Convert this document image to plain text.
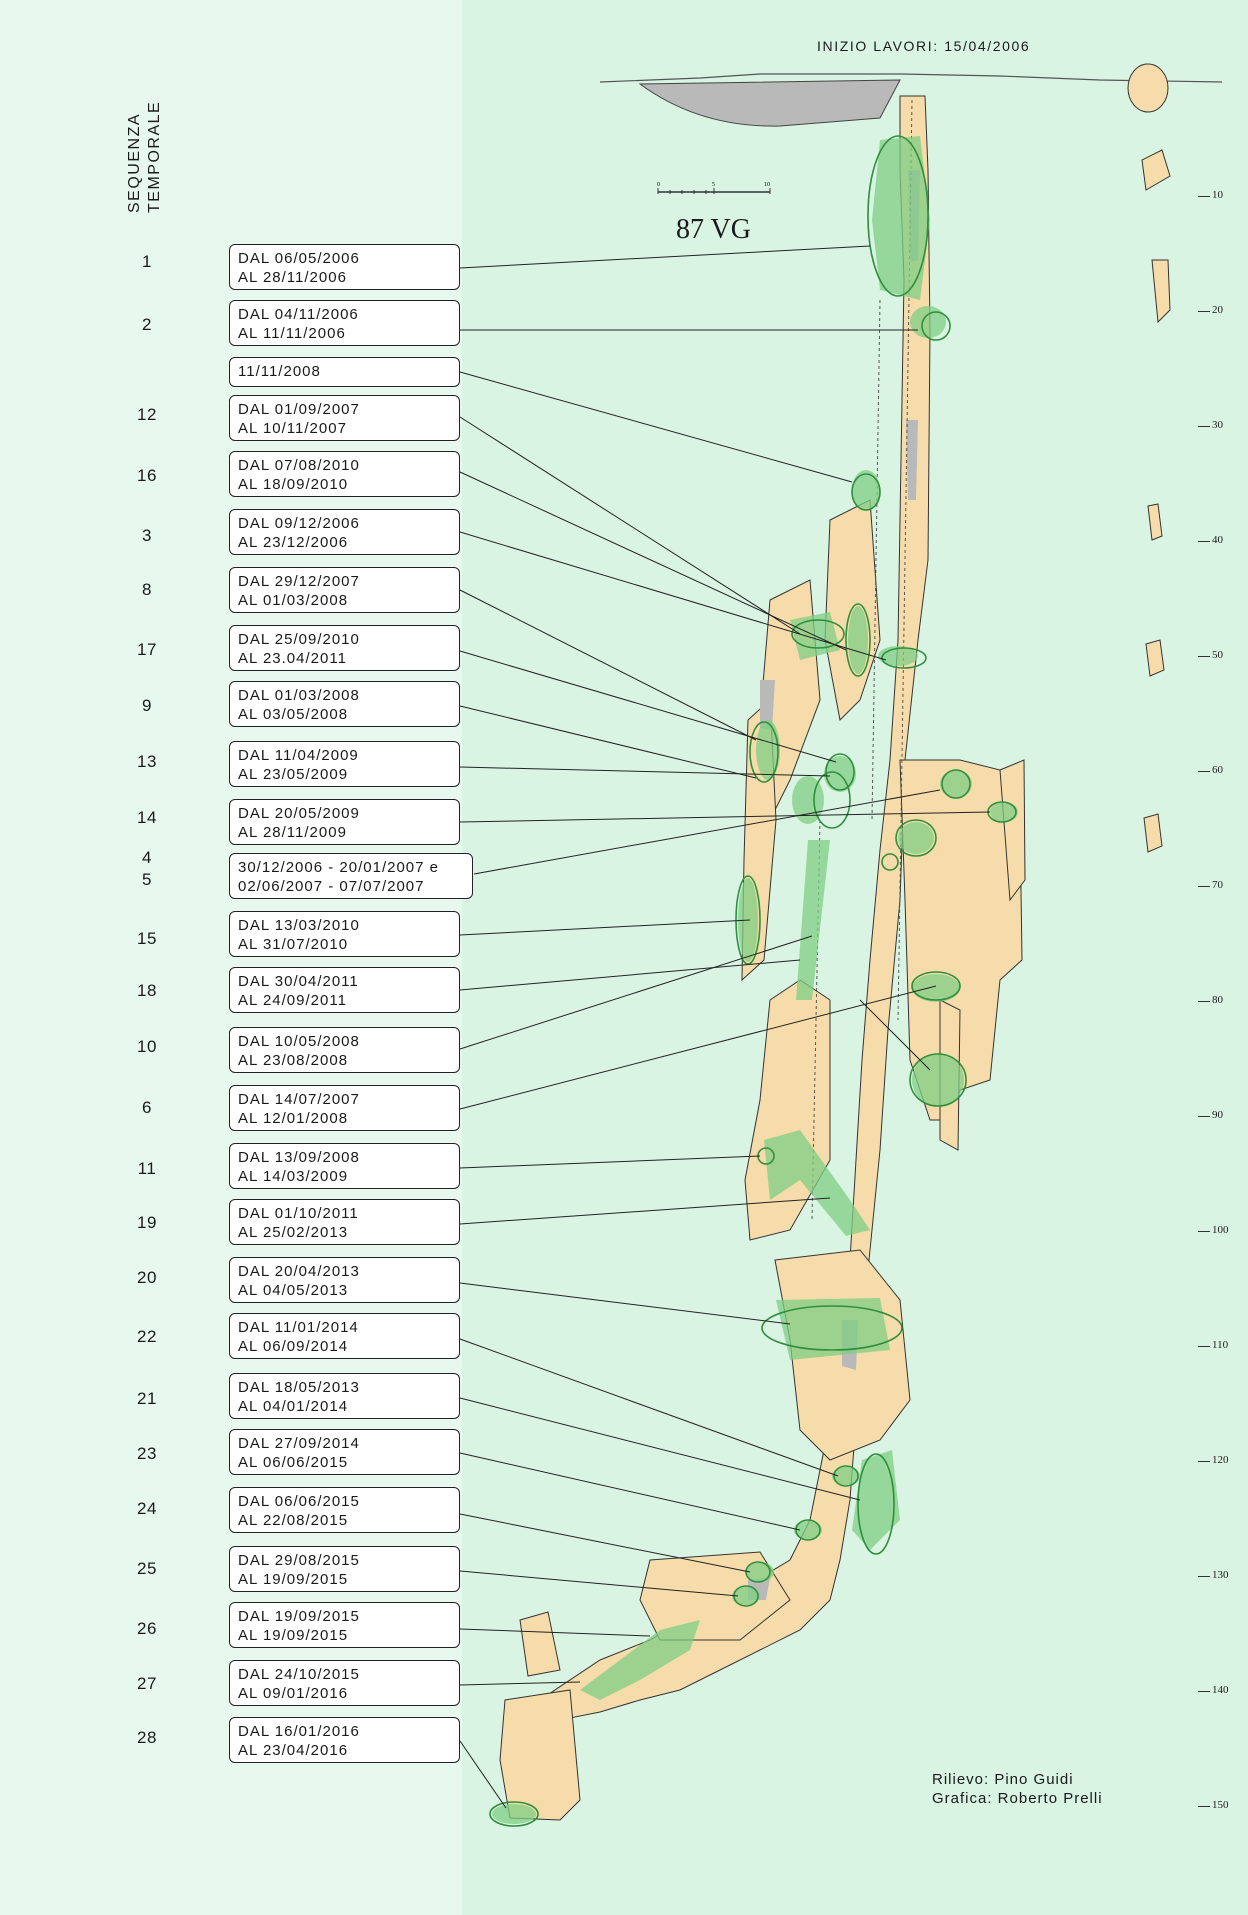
SEQUENZA TEMPORALE
INIZIO LAVORI: 15/04/2006
0	5	10
87 VG
10
20
30
40
50
60
70
80
90
100
110
120
130
140
150
1	DAL 06/05/2006
AL 28/11/2006
2
DAL 04/11/2006
AL 11/11/2006
11/11/2008
12	DAL 01/09/2007
AL 10/11/2007
16
DAL 07/08/2010
AL 18/09/2010
3
DAL 09/12/2006
AL 23/12/2006
8	DAL 29/12/2007
AL 01/03/2008
17
DAL 25/09/2010
AL 23.04/2011
9
DAL 01/03/2008
AL 03/05/2008
13	DAL 11/04/2009
AL 23/05/2009
14	DAL 20/05/2009
AL 28/11/2009
4
5
30/12/2006 - 20/01/2007 e
02/06/2007 - 07/07/2007
15
DAL 13/03/2010
AL 31/07/2010
18	DAL 30/04/2011
AL 24/09/2011
10	DAL 10/05/2008
AL 23/08/2008
6	DAL 14/07/2007
AL 12/01/2008
11
DAL 13/09/2008
AL 14/03/2009
19	DAL 01/10/2011
AL 25/02/2013
20	DAL 20/04/2013
AL 04/05/2013
22	DAL 11/01/2014
AL 06/09/2014
21
DAL 18/05/2013
AL 04/01/2014
23
DAL 27/09/2014
AL 06/06/2015
24	DAL 06/06/2015
AL 22/08/2015
25	DAL 29/08/2015
AL 19/09/2015
26
DAL 19/09/2015
AL 19/09/2015
27	DAL 24/10/2015
AL 09/01/2016
28	DAL 16/01/2016
AL 23/04/2016
Rilievo: Pino Guidi
Grafica: Roberto Prelli
